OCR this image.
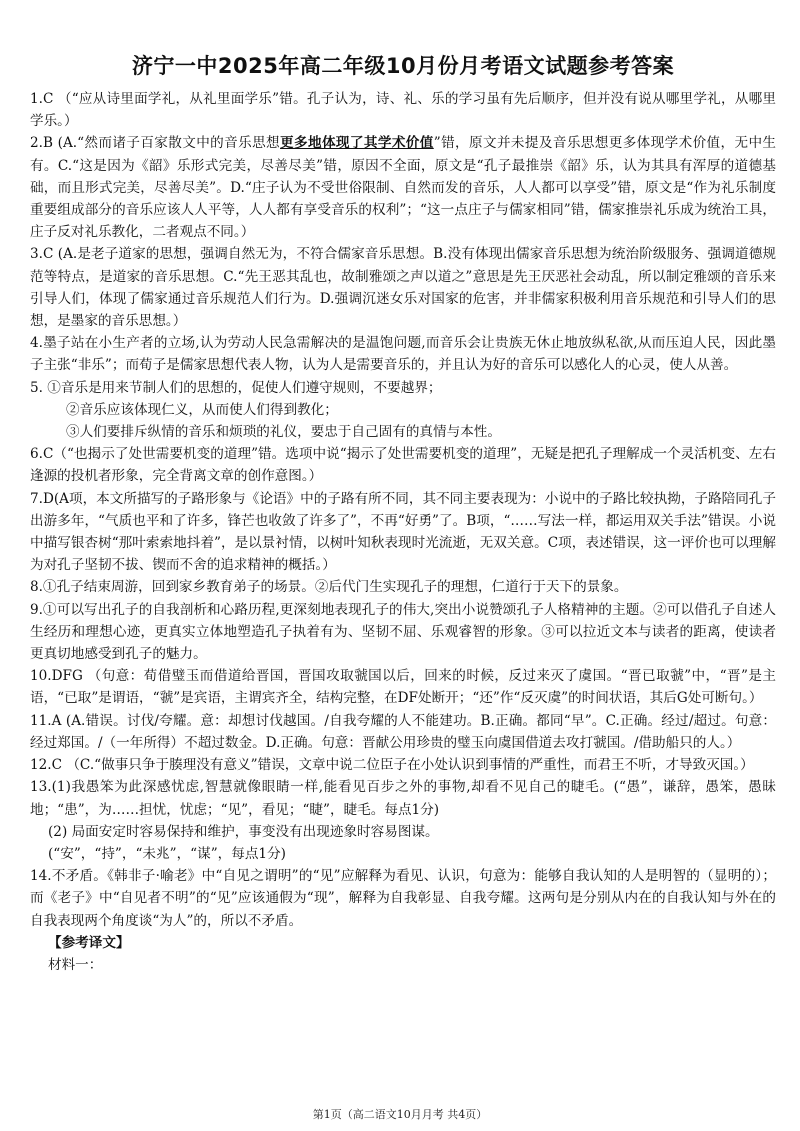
济宁一中2025年高二年级10月份月考语文试题参考答案

1.C （“应从诗里面学礼，从礼里面学乐”错。孔子认为，诗、礼、乐的学习虽有先后顺序，但并没有说从哪里学礼，从哪里学乐。）

2.B (A.“然而诸子百家散文中的音乐思想更多地体现了其学术价值”错，原文并未提及音乐思想更多体现学术价值，无中生有。C.“这是因为《韶》乐形式完美，尽善尽美”错，原因不全面，原文是“孔子最推崇《韶》乐，认为其具有浑厚的道德基础，而且形式完美，尽善尽美”。D.“庄子认为不受世俗限制、自然而发的音乐，人人都可以享受”错，原文是“作为礼乐制度重要组成部分的音乐应该人人平等，人人都有享受音乐的权利”；“这一点庄子与儒家相同”错，儒家推崇礼乐成为统治工具，庄子反对礼乐教化，二者观点不同。）

3.C (A.是老子道家的思想，强调自然无为，不符合儒家音乐思想。B.没有体现出儒家音乐思想为统治阶级服务、强调道德规范等特点，是道家的音乐思想。C.“先王恶其乱也，故制雅颂之声以道之”意思是先王厌恶社会动乱，所以制定雅颂的音乐来引导人们，体现了儒家通过音乐规范人们行为。D.强调沉迷女乐对国家的危害，并非儒家积极利用音乐规范和引导人们的思想，是墨家的音乐思想。）

4.墨子站在小生产者的立场,认为劳动人民急需解决的是温饱问题,而音乐会让贵族无休止地放纵私欲,从而压迫人民，因此墨子主张“非乐”；而荀子是儒家思想代表人物，认为人是需要音乐的，并且认为好的音乐可以感化人的心灵，使人从善。

5. ①音乐是用来节制人们的思想的，促使人们遵守规则，不要越界；

②音乐应该体现仁义，从而使人们得到教化；

③人们要排斥纵情的音乐和烦琐的礼仪，要忠于自己固有的真情与本性。

6.C（“也揭示了处世需要机变的道理”错。选项中说“揭示了处世需要机变的道理”，无疑是把孔子理解成一个灵活机变、左右逢源的投机者形象，完全背离文章的创作意图。）

7.D(A项，本文所描写的子路形象与《论语》中的子路有所不同，其不同主要表现为：小说中的子路比较执拗，子路陪同孔子出游多年，“气质也平和了许多，锋芒也收敛了许多了”，不再“好勇”了。B项，“……写法一样，都运用双关手法”错误。小说中描写银杏树“那叶索索地抖着”，是以景衬情，以树叶知秋表现时光流逝，无双关意。C项，表述错误，这一评价也可以理解为对孔子坚韧不拔、锲而不舍的追求精神的概括。）

8.①孔子结束周游，回到家乡教育弟子的场景。②后代门生实现孔子的理想，仁道行于天下的景象。

9.①可以写出孔子的自我剖析和心路历程,更深刻地表现孔子的伟大,突出小说赞颂孔子人格精神的主题。②可以借孔子自述人生经历和理想心迹，更真实立体地塑造孔子执着有为、坚韧不屈、乐观睿智的形象。③可以拉近文本与读者的距离，使读者更真切地感受到孔子的魅力。

10.DFG （句意：荀借璧玉而借道给晋国，晋国攻取虢国以后，回来的时候，反过来灭了虞国。“晋已取虢”中，“晋”是主语，“已取”是谓语，“虢”是宾语，主谓宾齐全，结构完整，在DF处断开；“还”作“反灭虞”的时间状语，其后G处可断句。）

11.A (A.错误。讨伐/夸耀。意：却想讨伐越国。/自我夸耀的人不能建功。B.正确。都同“早”。C.正确。经过/超过。句意：经过郑国。/（一年所得）不超过数金。D.正确。句意：晋献公用珍贵的璧玉向虞国借道去攻打虢国。/借助船只的人。）

12.C （C.“做事只争于腠理没有意义”错误，文章中说二位臣子在小处认识到事情的严重性，而君王不听，才导致灭国。）

13.(1)我愚笨为此深感忧虑,智慧就像眼睛一样,能看见百步之外的事物,却看不见自己的睫毛。(“愚”，谦辞，愚笨，愚昧地；“患”，为……担忧，忧虑；“见”，看见；“睫”，睫毛。每点1分)

(2) 局面安定时容易保持和维护，事变没有出现迹象时容易图谋。

(“安”，“持”，“未兆”，“谋”，每点1分)

14.不矛盾。《韩非子·喻老》中“自见之谓明”的“见”应解释为看见、认识，句意为：能够自我认知的人是明智的（显明的）；而《老子》中“自见者不明”的“见”应该通假为“现”，解释为自我彰显、自我夸耀。这两句是分别从内在的自我认知与外在的自我表现两个角度谈“为人”的，所以不矛盾。

【参考译文】

材料一：

第1页（高二语文10月月考 共4页）
